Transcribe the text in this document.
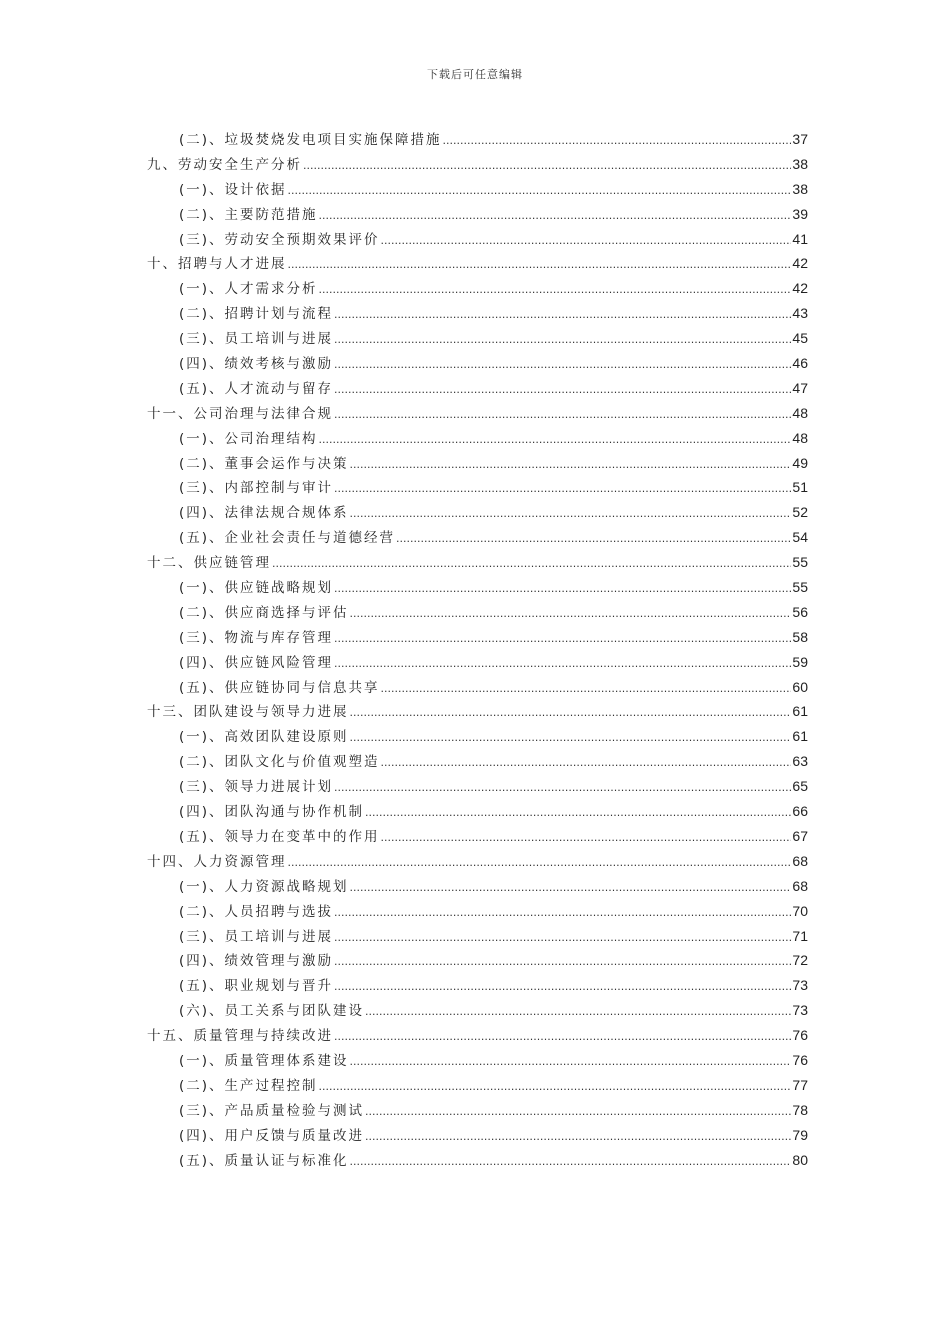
下载后可任意编辑
(二)、垃圾焚烧发电项目实施保障措施 .....	37
九、劳动安全生产分析 .....	38
(一)、设计依据 .....	38
(二)、主要防范措施 .....	39
(三)、劳动安全预期效果评价 .....	41
十、招聘与人才进展 .....	42
(一)、人才需求分析 .....	42
(二)、招聘计划与流程 .....	43
(三)、员工培训与进展 .....	45
(四)、绩效考核与激励 .....	46
(五)、人才流动与留存 .....	47
十一、公司治理与法律合规 .....	48
(一)、公司治理结构 .....	48
(二)、董事会运作与决策 .....	49
(三)、内部控制与审计 .....	51
(四)、法律法规合规体系 .....	52
(五)、企业社会责任与道德经营 .....	54
十二、供应链管理 .....	55
(一)、供应链战略规划 .....	55
(二)、供应商选择与评估 .....	56
(三)、物流与库存管理 .....	58
(四)、供应链风险管理 .....	59
(五)、供应链协同与信息共享 .....	60
十三、团队建设与领导力进展 .....	61
(一)、高效团队建设原则 .....	61
(二)、团队文化与价值观塑造 .....	63
(三)、领导力进展计划 .....	65
(四)、团队沟通与协作机制 .....	66
(五)、领导力在变革中的作用 .....	67
十四、人力资源管理 .....	68
(一)、人力资源战略规划 .....	68
(二)、人员招聘与选拔 .....	70
(三)、员工培训与进展 .....	71
(四)、绩效管理与激励 .....	72
(五)、职业规划与晋升 .....	73
(六)、员工关系与团队建设 .....	73
十五、质量管理与持续改进 .....	76
(一)、质量管理体系建设 .....	76
(二)、生产过程控制 .....	77
(三)、产品质量检验与测试 .....	78
(四)、用户反馈与质量改进 .....	79
(五)、质量认证与标准化 .....	80
